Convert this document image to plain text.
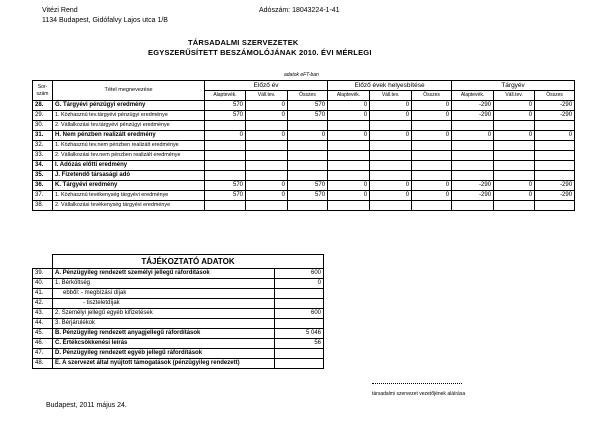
Vitézi Rend
1134 Budapest, Gidófalvy Lajos utca 1/B
Adószám: 18043224-1-41
TÁRSADALMI SZERVEZETEK
EGYSZERŰSÍTETT BESZÁMOLÓJÁNAK 2010. ÉVI MÉRLEGI
adatok eFT-ban
Sor-
szám	Tétel megnevezése	Előző év			Előző évek helyesbítése			Tárgyév		
		Alaptevék.	Váll.tev.	Összes	Alaptevék.	Váll.tev.	Összes	Alaptevék.	Váll.tev.	Összes
28.	G. Tárgyévi pénzügyi eredmény	570	0	570	0	0	0	-290	0	-290
29.	1. Közhasznú tev.tárgyévi pénzügyi eredménye	570	0	570	0	0	0	-290	0	-290
30.	2. Vállalkozási tev.tárgyévi pénzügyi eredménye									
31.	H. Nem pénzben realizált eredmény	0	0	0	0	0	0	0	0	0
32.	1. Közhasznú tev.nem pénzben realizált eredménye									
33.	2. Vállalkozási tev.nem pénzben realizált eredménye									
34.	I. Adózás előtti eredmény									
35.	J. Fizetendő társasági adó									
36.	K. Tárgyévi eredmény	570	0	570	0	0	0	-290	0	-290
37.	1. Közhasznú tevékenység tárgyévi eredménye	570	0	570	0	0	0	-290	0	-290
38.	2. Vállalkozási tevékenység tárgyévi eredménye									
	TÁJÉKOZTATÓ ADATOK	
39.	A. Pénzügyileg rendezett személyi jellegű ráfordítások	600
40.	1. Bérköltség	0
41.	ebből: - megbízási díjak	
42.	- tiszteletdíjak	
43.	2. Személyi jellegű egyéb kifizetések	600
44.	3. Bérjárulékok	
45.	B. Pénzügyileg rendezett anyagjellegű ráfordítások	5 046
46.	C. Értékcsökkenési leírás	56
47.	D. Pénzügyileg rendezett egyéb jellegű ráfordítások	
48.	E. A szervezet által nyújtott támogatások (pénzügyileg rendezett)	
Budapest, 2011 május 24.
társadalmi szervezet vezetőjének aláírása
